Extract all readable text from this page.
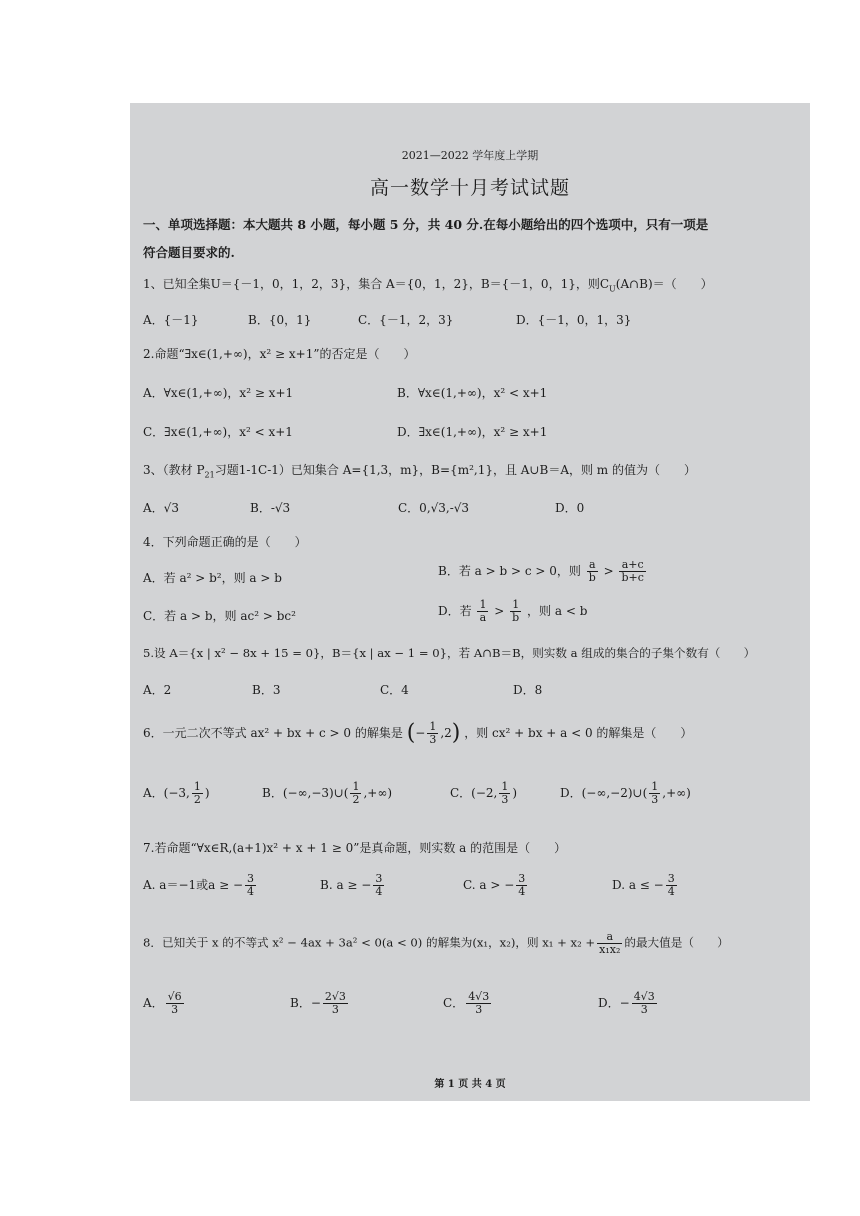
2021—2022 学年度上学期
高一数学十月考试试题
一、单项选择题：本大题共 8 小题，每小题 5 分，共 40 分.在每小题给出的四个选项中，只有一项是
符合题目要求的.
1、已知全集U＝{－1，0，1，2，3}，集合 A＝{0，1，2}，B＝{－1，0，1}，则$C_U(A\cap B)=$（　　）
A．{－1}	B．{0，1}	C．{－1，2，3}	D．{－1，0，1，3}
2.命题“∃x∈(1,+∞)，x² ≥ x+1”的否定是（　　）
A．∀x∈(1,+∞)，x² ≥ x+1	B．∀x∈(1,+∞)，x² < x+1
C．∃x∈(1,+∞)，x² < x+1	D．∃x∈(1,+∞)，x² ≥ x+1
3、（教材 $P_{21}$习题1-1C-1）已知集合 A={1,3，m}，B={m²,1}，且 A∪B＝A，则 m 的值为（　　）
A．√3	B．-√3	C．0,√3,-√3	D．0
4．下列命题正确的是（　　）
A．若 a² > b²，则 a > b	B．若 a > b > c > 0，则 $\frac{a}{b} > \frac{a+c}{b+c}$
C．若 a > b，则 ac² > bc²	D．若 $\frac{1}{a} > \frac{1}{b}$ ，则 a < b
5.设 A＝{x | x² − 8x + 15 = 0}，B＝{x | ax − 1 = 0}，若 A∩B＝B，则实数 a 组成的集合的子集个数有（　　）
A．2	B．3	C．4	D．8
6．一元二次不等式 ax² + bx + c > 0 的解集是 (− $\frac{1}{3} ,2$) ，则 cx² + bx + a < 0 的解集是（　　）
A．(−3, $\frac{1}{2}$ )	B．(−∞,−3)∪( $\frac{1}{2}$ ,+∞)	C．(−2, $\frac{1}{3}$ )	D．(−∞,−2)∪( $\frac{1}{3}$ ,+∞)
7.若命题“∀x∈R,(a+1)x² + x + 1 ≥ 0”是真命题，则实数 a 的范围是（　　）
A. a＝−1或a ≥ − $\frac{3}{4}$	B. a ≥ − $\frac{3}{4}$	C. a > − $\frac{3}{4}$	D. a ≤ − $\frac{3}{4}$
8．已知关于 x 的不等式 x² − 4ax + 3a² < 0(a < 0) 的解集为(x₁，x₂)，则 $x_1 + x_2 + \frac{a}{\text{x₁x₂}}$ 的最大值是（　　）
A． $\frac{√6}{3}$	B．− $\frac{2√3}{3}$	C． $\frac{4√3}{3}$	D．− $\frac{4√3}{3}$
第 1 页 共 4 页
